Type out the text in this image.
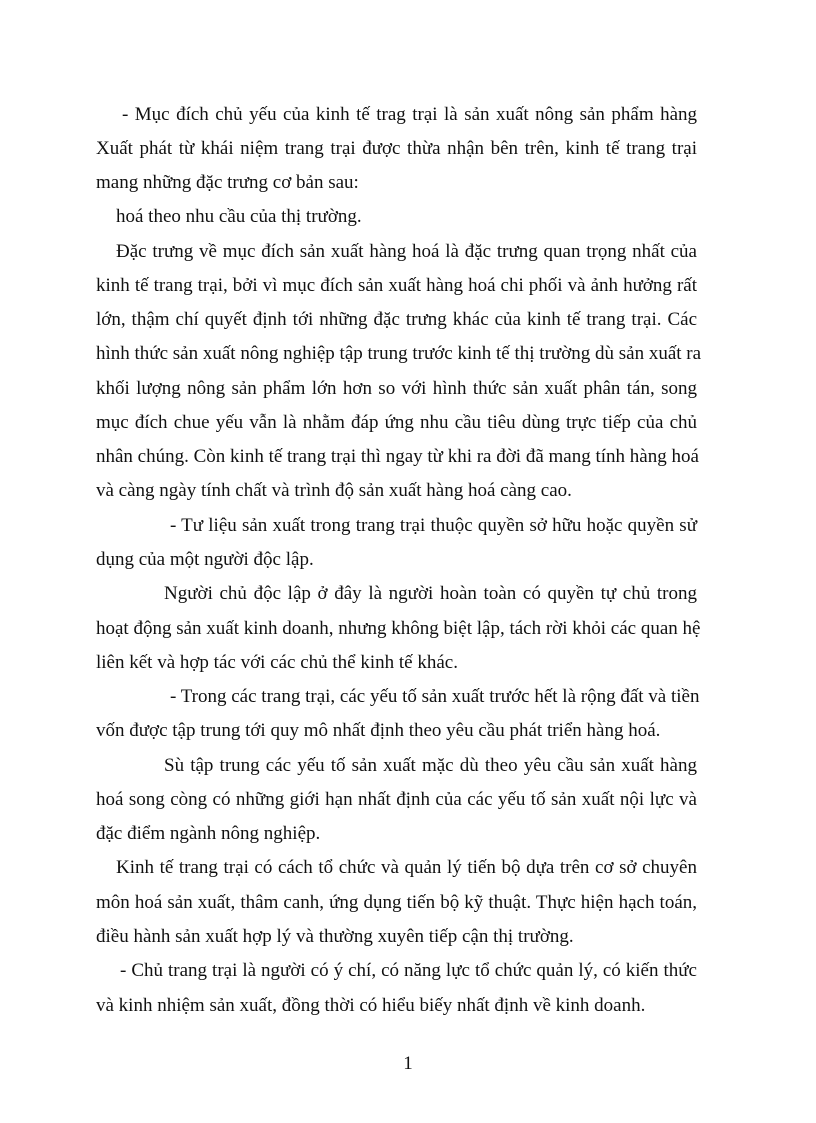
- Mục đích chủ yếu của kinh tế trag trại là sản xuất nông sản phẩm hàng
Xuất phát từ khái niệm trang trại được thừa nhận bên trên, kinh tế trang trại
mang những đặc trưng cơ bản sau:
hoá theo nhu cầu của thị trường.
Đặc trưng về mục đích sản xuất hàng hoá là đặc trưng quan trọng nhất của
kinh tế trang trại, bởi vì mục đích sản xuất hàng hoá chi phối và ảnh hưởng rất
lớn, thậm chí quyết định tới những đặc trưng khác của kinh tế trang trại. Các
hình thức sản xuất nông nghiệp tập trung trước kinh tế thị trường dù sản xuất ra
khối lượng nông sản phẩm lớn hơn so với hình thức sản xuất phân tán, song
mục đích chue yếu vẫn là nhằm đáp ứng nhu cầu tiêu dùng trực tiếp của chủ
nhân chúng. Còn kinh tế trang trại thì ngay từ khi ra đời đã mang tính hàng hoá
và càng ngày tính chất và trình độ sản xuất hàng hoá càng cao.
- Tư liệu sản xuất trong trang trại thuộc quyền sở hữu hoặc quyền sử
dụng của một người độc lập.
Người chủ độc lập ở đây là người hoàn toàn có quyền tự chủ trong
hoạt động sản xuất kinh doanh, nhưng không biệt lập, tách rời khỏi các quan hệ
liên kết và hợp tác với các chủ thể kinh tế khác.
- Trong các trang trại, các yếu tố sản xuất trước hết là rộng đất và tiền
vốn được tập trung tới quy mô nhất định theo yêu cầu phát triển hàng hoá.
Sù tập trung các yếu tố sản xuất mặc dù theo yêu cầu sản xuất hàng
hoá song còng có những giới hạn nhất định của các yếu tố sản xuất nội lực và
đặc điểm ngành nông nghiệp.
Kinh tế trang trại có cách tổ chức và quản lý tiến bộ dựa trên cơ sở chuyên
môn hoá sản xuất, thâm canh, ứng dụng tiến bộ kỹ thuật. Thực hiện hạch toán,
điều hành sản xuất hợp lý và thường xuyên tiếp cận thị trường.
- Chủ trang trại là người có ý chí, có năng lực tổ chức quản lý, có kiến thức
và kinh nhiệm sản xuất, đồng thời có hiểu biếy nhất định về kinh doanh.
1
